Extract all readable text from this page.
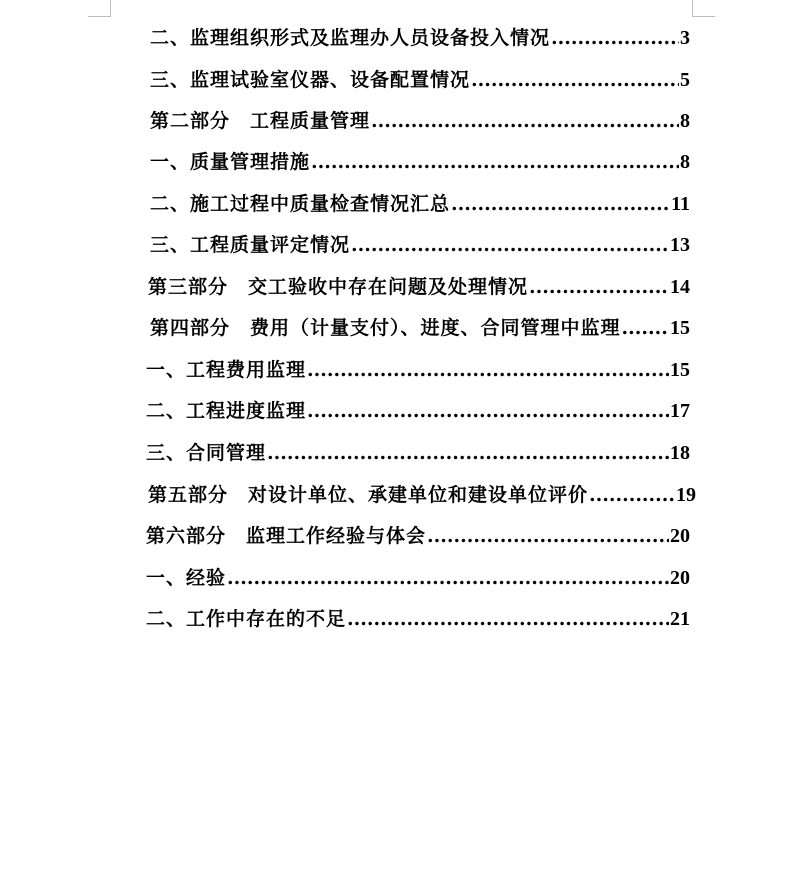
二、监理组织形式及监理办人员设备投入情况 .....	3
三、监理试验室仪器、设备配置情况 .....	5
第二部分　工程质量管理 .....	8
一、质量管理措施 .....	8
二、施工过程中质量检查情况汇总 .....	11
三、工程质量评定情况 .....	13
第三部分　交工验收中存在问题及处理情况 .....	14
第四部分　费用（计量支付）、进度、合同管理中监理 ..... 15
一、工程费用监理 .....	15
二、工程进度监理 .....	17
三、合同管理 .....	18
第五部分　对设计单位、承建单位和建设单位评价 .....	19
第六部分　监理工作经验与体会 .....	20
一、经验 .....	20
二、工作中存在的不足 .....	21
